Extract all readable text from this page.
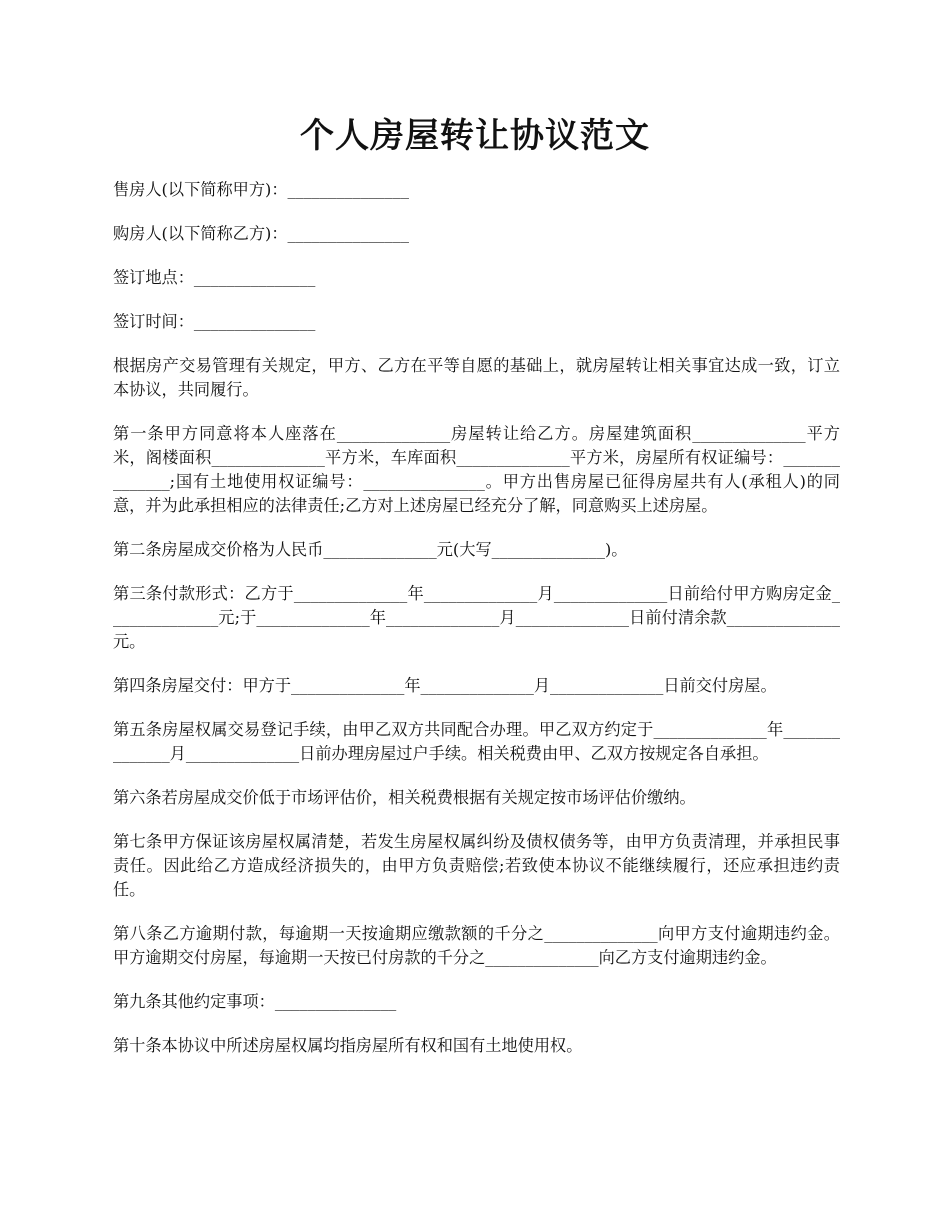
个人房屋转让协议范文

售房人(以下简称甲方)：_______________

购房人(以下简称乙方)：_______________

签订地点：_______________

签订时间：_______________

根据房产交易管理有关规定，甲方、乙方在平等自愿的基础上，就房屋转让相关事宜达成一致，订立本协议，共同履行。

第一条甲方同意将本人座落在______________房屋转让给乙方。房屋建筑面积______________平方米，阁楼面积______________平方米，车库面积______________平方米，房屋所有权证编号：______________;国有土地使用权证编号：_______________。甲方出售房屋已征得房屋共有人(承租人)的同意，并为此承担相应的法律责任;乙方对上述房屋已经充分了解，同意购买上述房屋。

第二条房屋成交价格为人民币______________元(大写______________)。

第三条付款形式：乙方于______________年______________月______________日前给付甲方购房定金______________元;于______________年______________月______________日前付清余款______________元。

第四条房屋交付：甲方于______________年______________月______________日前交付房屋。

第五条房屋权属交易登记手续，由甲乙双方共同配合办理。甲乙双方约定于______________年______________月______________日前办理房屋过户手续。相关税费由甲、乙双方按规定各自承担。

第六条若房屋成交价低于市场评估价，相关税费根据有关规定按市场评估价缴纳。

第七条甲方保证该房屋权属清楚，若发生房屋权属纠纷及债权债务等，由甲方负责清理，并承担民事责任。因此给乙方造成经济损失的，由甲方负责赔偿;若致使本协议不能继续履行，还应承担违约责任。

第八条乙方逾期付款，每逾期一天按逾期应缴款额的千分之______________向甲方支付逾期违约金。甲方逾期交付房屋，每逾期一天按已付房款的千分之______________向乙方支付逾期违约金。

第九条其他约定事项：_______________

第十条本协议中所述房屋权属均指房屋所有权和国有土地使用权。
